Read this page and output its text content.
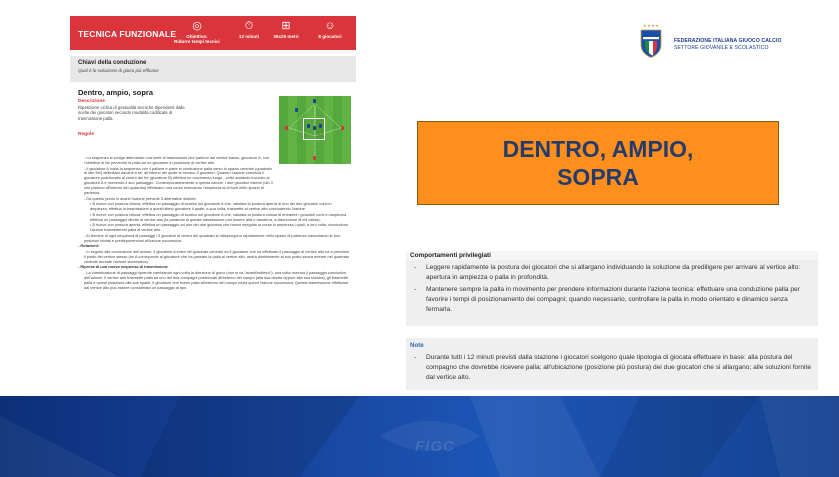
TECNICA FUNZIONALE
◎
Obiettivo:
Ridurre tempi tecnici
⏱
12 minuti
⊞
29x29 metri
☺
8 giocatori
Chiavi della conduzione
Qual è la soluzione di gioco più efficace
Dentro, ampio, sopra
Descrizione
Ripetizione ciclica di gestualità tecniche dipendenti dalle scelte dei giocatori secondo modalità codificate di trasmissione palla.
Regole

- La sequenza si svolge alternando una serie di trasmissioni che partono dal vertice basso, giocatore A, con l'obiettivo di far pervenire la palla ad un giocatore in posizione di vertice alto.

- Il giocatore A inizia la sequenza con il pallone e parte in conduzione palla verso lo spazio centrale (quadrato di lato 5m) delimitato davanti a sé, all'interno del quale si trovano 3 giocatori. Quando l'azione comincia il giocatore posizionato al centro dei tre (giocatore B) effettua un movimento lungo - corto andando incontro al giocatore A e ricevendo il suo passaggio. Contemporaneamente a questa azione, i due giocatori esterni (dei 3 che partono all'interno del quadrato) effettuano una corsa ricercando l'ampiezza al di fuori dello spazio di partenza.

- Da questo punto in avanti l'azione prevede 3 alternative distinte:

• B riceve con postura chiusa, effettua un passaggio di scarico sul giocatore A che, valutata la postura aperta di uno dei due giocatori corsi in ampiezza, effettua la trasmissione a quest'ultimo giocatore il quale, a sua volta, trasmette al vertice alto concludendo l'azione.

• B riceve con postura chiusa, effettua un passaggio di scarico sul giocatore A che, valutata la postura chiusa di entrambi i giocatori corsi in ampiezza effettua un passaggio diretto al vertice alto (la parabola di questa trasmissione può essere alta o rasoterra, a discrezione di chi calcia).

• B riceve con postura aperta, effettua un passaggio ad uno dei due giocatori che hanno eseguito la corsa in ampiezza i quali, a loro volta, concludono l'azione trasmettendo palla al vertice alto.

- Al termine di ogni sequenza di passaggi i 3 giocatori al centro del quadrato si ridispongono rapidamente nello spazio di partenza mescolando le loro posizioni iniziali e predisponendosi all'azione successiva.

- Rotazioni:

- In seguito alla conclusione dell'azione, il giocatore A entra nel quadrato centrale ed il giocatore che ha effettuato il passaggio al vertice alto va a prendere il posto del vertice stesso (se A corrisponde al giocatore che ha passato la palla al vertice alto, andrà direttamente al suo posto senza entrare nel quadrato centrale durante l'azione successiva).

- Ripresa di una nuova sequenza di trasmissioni:

- La combinazione di passaggi riprende cambiando ogni volta la direzione di gioco (non si va "avanti/indietro"): una volta ricevuto il passaggio conclusivo dell'azione, il vertice alto trasmette palla ad uno dei due compagni posizionati all'esterno del campo (alla sua destra oppure alla sua sinistra), gli trasmette palla e quindi posiziona alle sue spalle. Il giocatore che riceve palla all'esterno del campo inizia quindi l'azione successiva. Questa trasmissione effettuata dal vertice alto può essere considerata un passaggio di tipo

★★★★
FEDERAZIONE ITALIANA GIUOCO CALCIO
SETTORE GIOVANILE E SCOLASTICO
DENTRO, AMPIO,
SOPRA
Comportamenti privilegiati
-	Leggere rapidamente la postura dei giocatori che si allargano individuando la soluzione da prediligere per arrivare al vertice alto: apertura in ampiezza o palla in profondità.
-	Mantenere sempre la palla in movimento per prendere informazioni durante l'azione tecnica: effettuare una conduzione palla per favorire i tempi di posizionamento dei compagni; quando necessario, controllare la palla in modo orientato e dinamico senza fermarla.
Note
-	Durante tutti i 12 minuti previsti dalla stazione i giocatori scelgono quale tipologia di giocata effettuare in base: alla postura del compagno che dovrebbe ricevere palla; all'ubicazione (posizione più postura) dei due giocatori che si allargano; alle soluzioni fornite dal vertice alto.
FIGC
